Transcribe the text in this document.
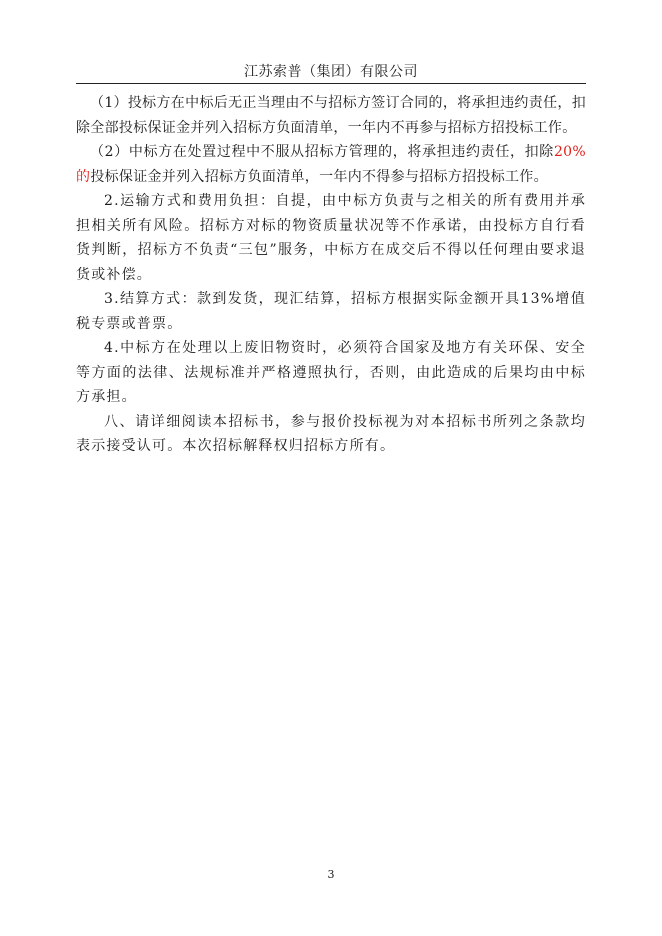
江苏索普（集团）有限公司

（1）投标方在中标后无正当理由不与招标方签订合同的，将承担违约责任，扣除全部投标保证金并列入招标方负面清单，一年内不再参与招标方招投标工作。

（2）中标方在处置过程中不服从招标方管理的，将承担违约责任，扣除20%的投标保证金并列入招标方负面清单，一年内不得参与招标方招投标工作。

2.运输方式和费用负担：自提，由中标方负责与之相关的所有费用并承担相关所有风险。招标方对标的物资质量状况等不作承诺，由投标方自行看货判断，招标方不负责“三包”服务，中标方在成交后不得以任何理由要求退货或补偿。

3.结算方式：款到发货，现汇结算，招标方根据实际金额开具13%增值税专票或普票。

4.中标方在处理以上废旧物资时，必须符合国家及地方有关环保、安全等方面的法律、法规标准并严格遵照执行，否则，由此造成的后果均由中标方承担。

八、请详细阅读本招标书，参与报价投标视为对本招标书所列之条款均表示接受认可。本次招标解释权归招标方所有。

3
